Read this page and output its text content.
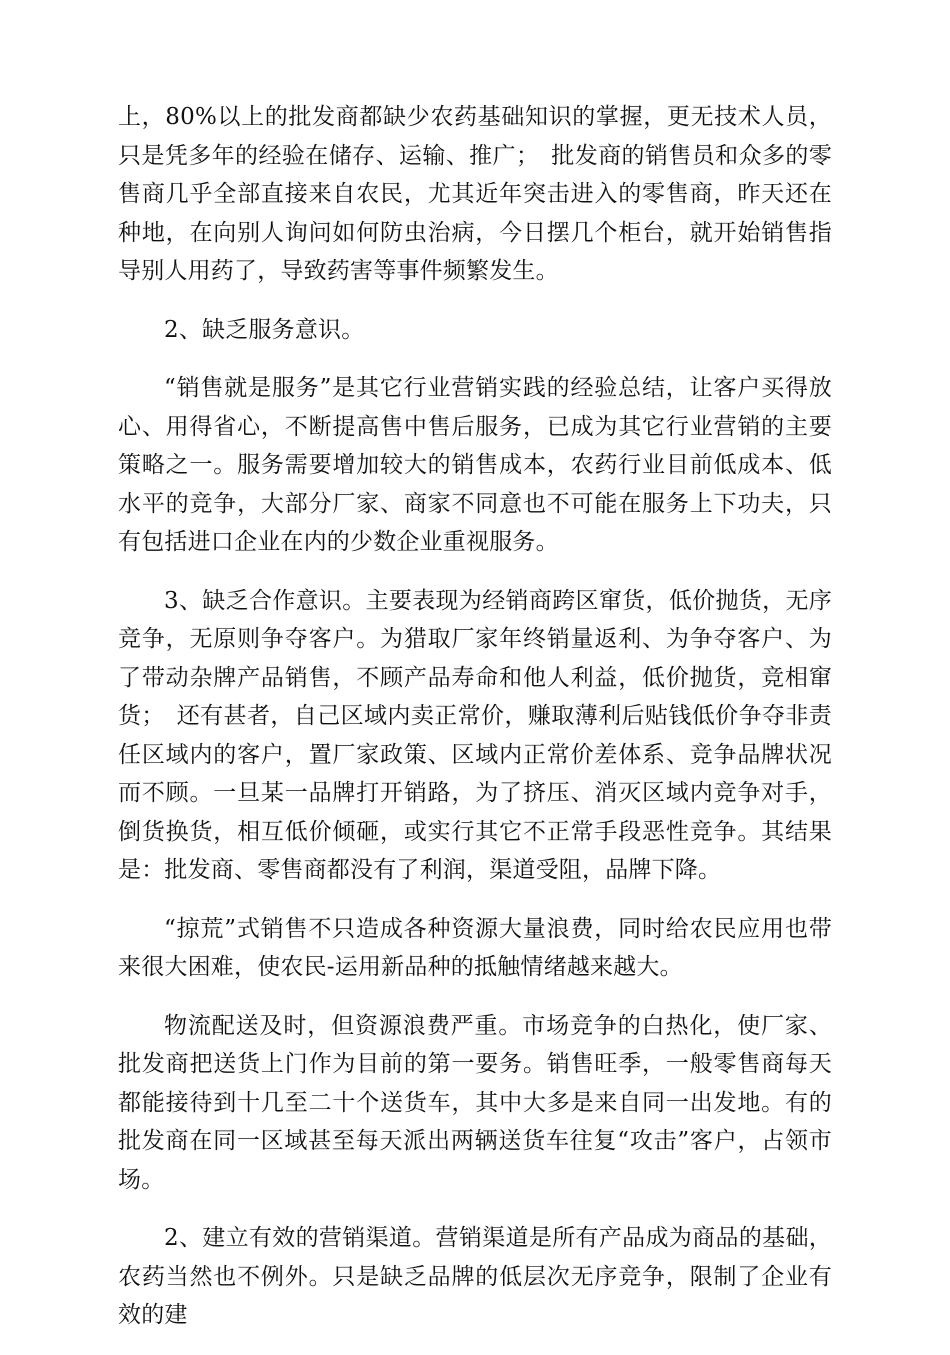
上，80%以上的批发商都缺少农药基础知识的掌握，更无技术人员，只是凭多年的经验在储存、运输、推广；　批发商的销售员和众多的零售商几乎全部直接来自农民，尤其近年突击进入的零售商，昨天还在种地，在向别人询问如何防虫治病，今日摆几个柜台，就开始销售指导别人用药了，导致药害等事件频繁发生。

2、缺乏服务意识。

“销售就是服务”是其它行业营销实践的经验总结，让客户买得放心、用得省心，不断提高售中售后服务，已成为其它行业营销的主要策略之一。服务需要增加较大的销售成本，农药行业目前低成本、低水平的竞争，大部分厂家、商家不同意也不可能在服务上下功夫，只有包括进口企业在内的少数企业重视服务。

3、缺乏合作意识。主要表现为经销商跨区窜货，低价抛货，无序竞争，无原则争夺客户。为猎取厂家年终销量返利、为争夺客户、为了带动杂牌产品销售，不顾产品寿命和他人利益，低价抛货，竞相窜货；　还有甚者，自己区域内卖正常价，赚取薄利后贴钱低价争夺非责任区域内的客户，置厂家政策、区域内正常价差体系、竞争品牌状况而不顾。一旦某一品牌打开销路，为了挤压、消灭区域内竞争对手，倒货换货，相互低价倾砸，或实行其它不正常手段恶性竞争。其结果是：批发商、零售商都没有了利润，渠道受阻，品牌下降。

“掠荒”式销售不只造成各种资源大量浪费，同时给农民应用也带来很大困难，使农民-运用新品种的抵触情绪越来越大。

物流配送及时，但资源浪费严重。市场竞争的白热化，使厂家、批发商把送货上门作为目前的第一要务。销售旺季，一般零售商每天都能接待到十几至二十个送货车，其中大多是来自同一出发地。有的批发商在同一区域甚至每天派出两辆送货车往复“攻击”客户，占领市场。

2、建立有效的营销渠道。营销渠道是所有产品成为商品的基础，农药当然也不例外。只是缺乏品牌的低层次无序竞争，限制了企业有效的建
